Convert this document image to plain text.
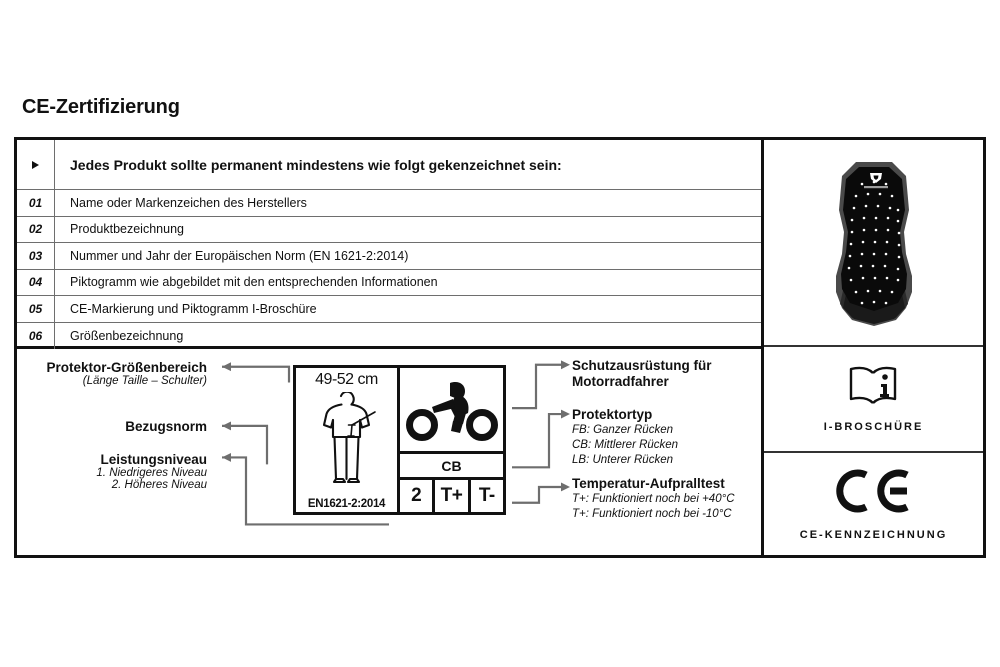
CE-Zertifizierung
Jedes Produkt sollte permanent mindestens wie folgt gekenzeichnet sein:
01	Name oder Markenzeichen des Herstellers
02	Produktbezeichnung
03	Nummer und Jahr der Europäischen Norm (EN 1621-2:2014)
04	Piktogramm wie abgebildet mit den entsprechenden Informationen
05	CE-Markierung und Piktogramm I-Broschüre
06	Größenbezeichnung
Protektor-Größenbereich
(Länge Taille – Schulter)
Bezugsnorm
Leistungsniveau
1. Niedrigeres Niveau
2. Höheres Niveau
Schutzausrüstung für
Motorradfahrer
Protektortyp
FB: Ganzer Rücken
CB: Mittlerer Rücken
LB: Unterer Rücken
Temperatur-Aufpralltest
T+: Funktioniert noch bei +40°C
T+: Funktioniert noch bei -10°C
49-52 cm
EN1621-2:2014
CB
2	T+ T-
I-BROSCHÜRE
CE-KENNZEICHNUNG
